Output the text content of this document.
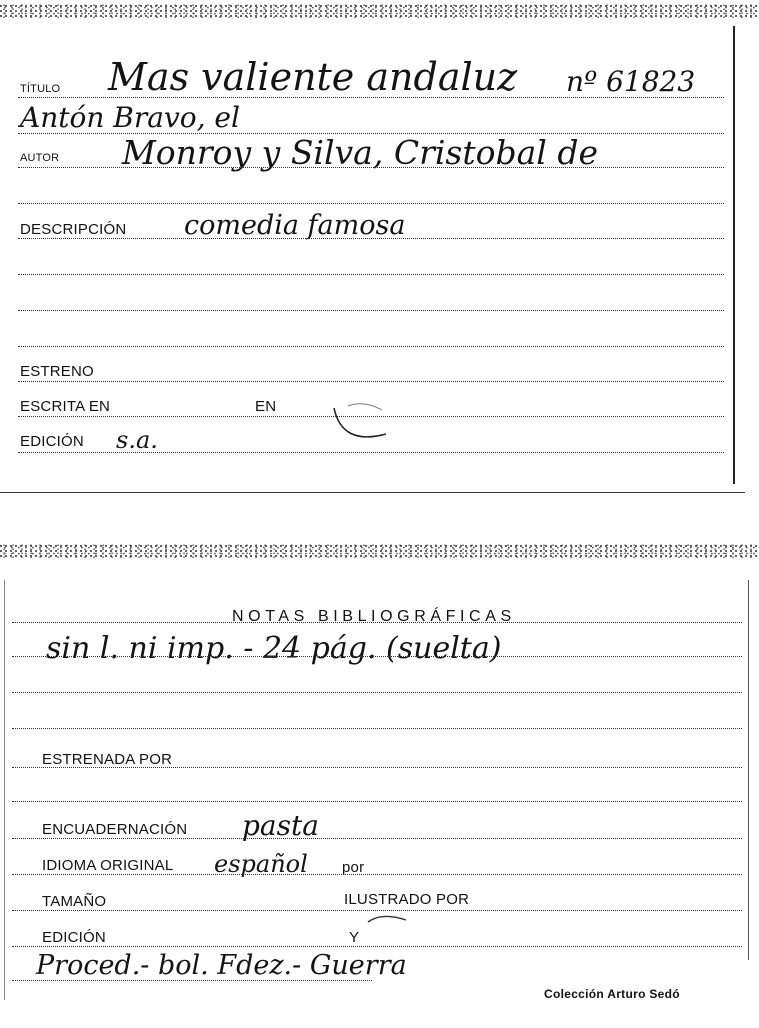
TÍTULO Mas valiente andaluz nº 61823
Antón Bravo, el
AUTOR Monroy y Silva, Cristobal de
DESCRIPCIÓN comedia famosa
ESTRENO
ESCRITA EN	EN
EDICIÓN s.a.
NOTAS BIBLIOGRÁFICAS
sin l. ni imp. - 24 pág. (suelta)
ESTRENADA POR
ENCUADERNACIÓN pasta
IDIOMA ORIGINAL español por
TAMAÑO	ILUSTRADO POR
EDICIÓN	Y
Proced.- bol. Fdez.- Guerra
Colección Arturo Sedó
